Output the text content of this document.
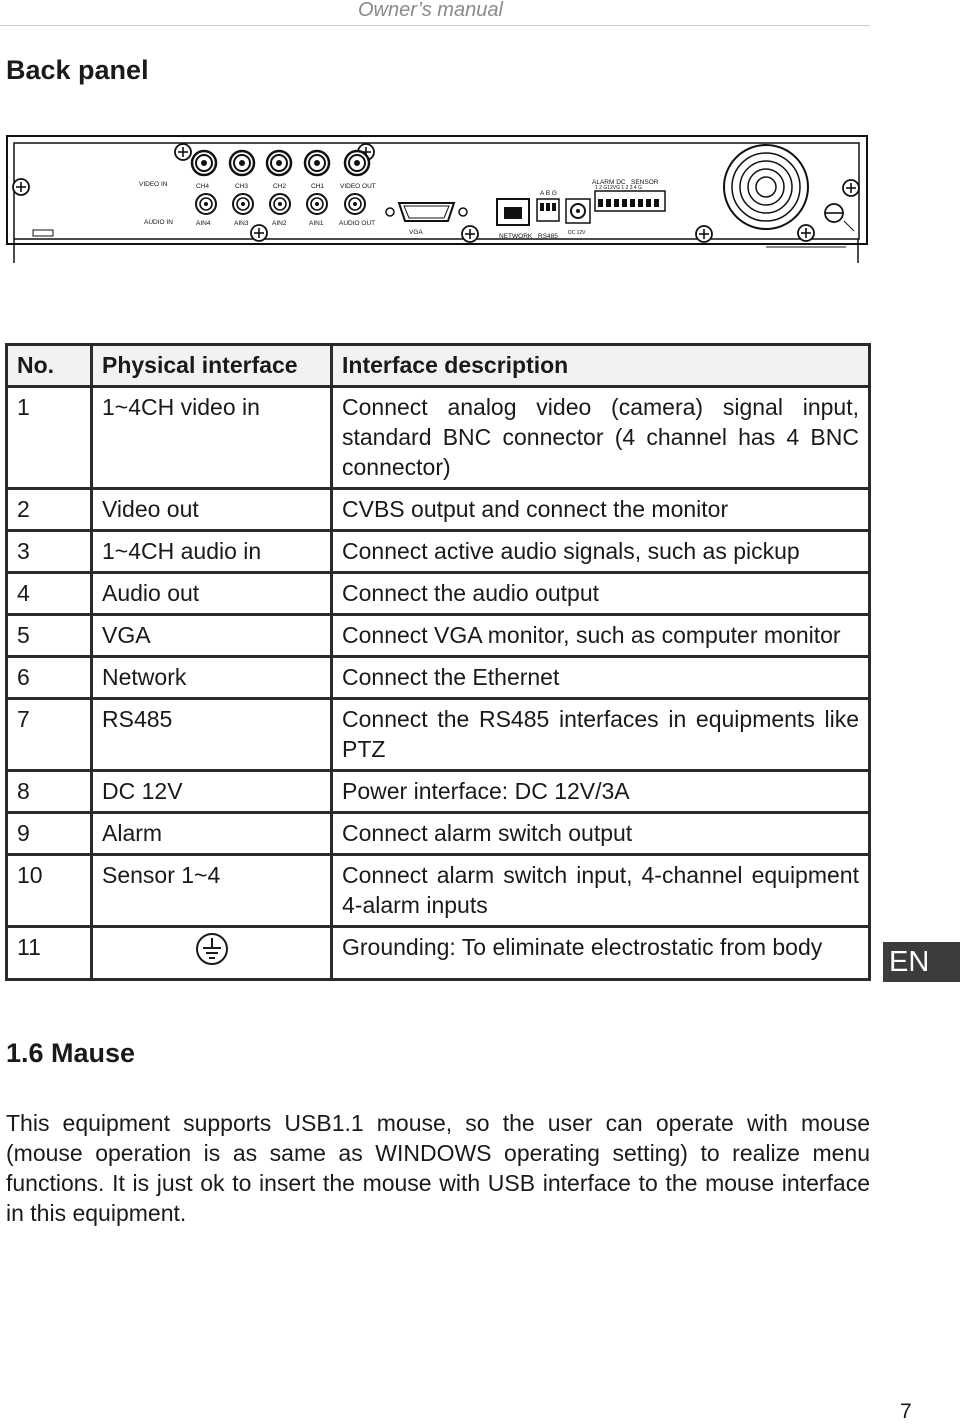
Owner’s manual
Back panel
VIDEO IN
AUDIO IN
CH4	CH3	CH2	CH1 VIDEO OUT
AIN4	AIN3	AIN2	AIN1 AUDIO OUT
VGA
NETWORK RS485
A B G
DC 12V
ALARM DC SENSOR
1 2 G12VG 1 2 3 4 G
No.	Physical interface	Interface description
1	1~4CH video in	Connect analog video (camera) signal input, standard BNC connector (4 channel has 4 BNC connector)
2	Video out	CVBS output and connect the monitor
3	1~4CH audio in	Connect active audio signals, such as pickup
4	Audio out	Connect the audio output
5	VGA	Connect VGA monitor, such as computer monitor
6	Network	Connect the Ethernet
7	RS485	Connect the RS485 interfaces in equipments like PTZ
8	DC 12V	Power interface: DC 12V/3A
9	Alarm	Connect alarm switch output
10	Sensor 1~4	Connect alarm switch input, 4-channel equipment 4-alarm inputs
11		Grounding: To eliminate electrostatic from body EN
1.6 Mause
This equipment supports USB1.1 mouse, so the user can operate with mouse (mouse operation is as same as WINDOWS operating setting) to realize menu functions. It is just ok to insert the mouse with USB interface to the mouse interface in this equipment.
7
